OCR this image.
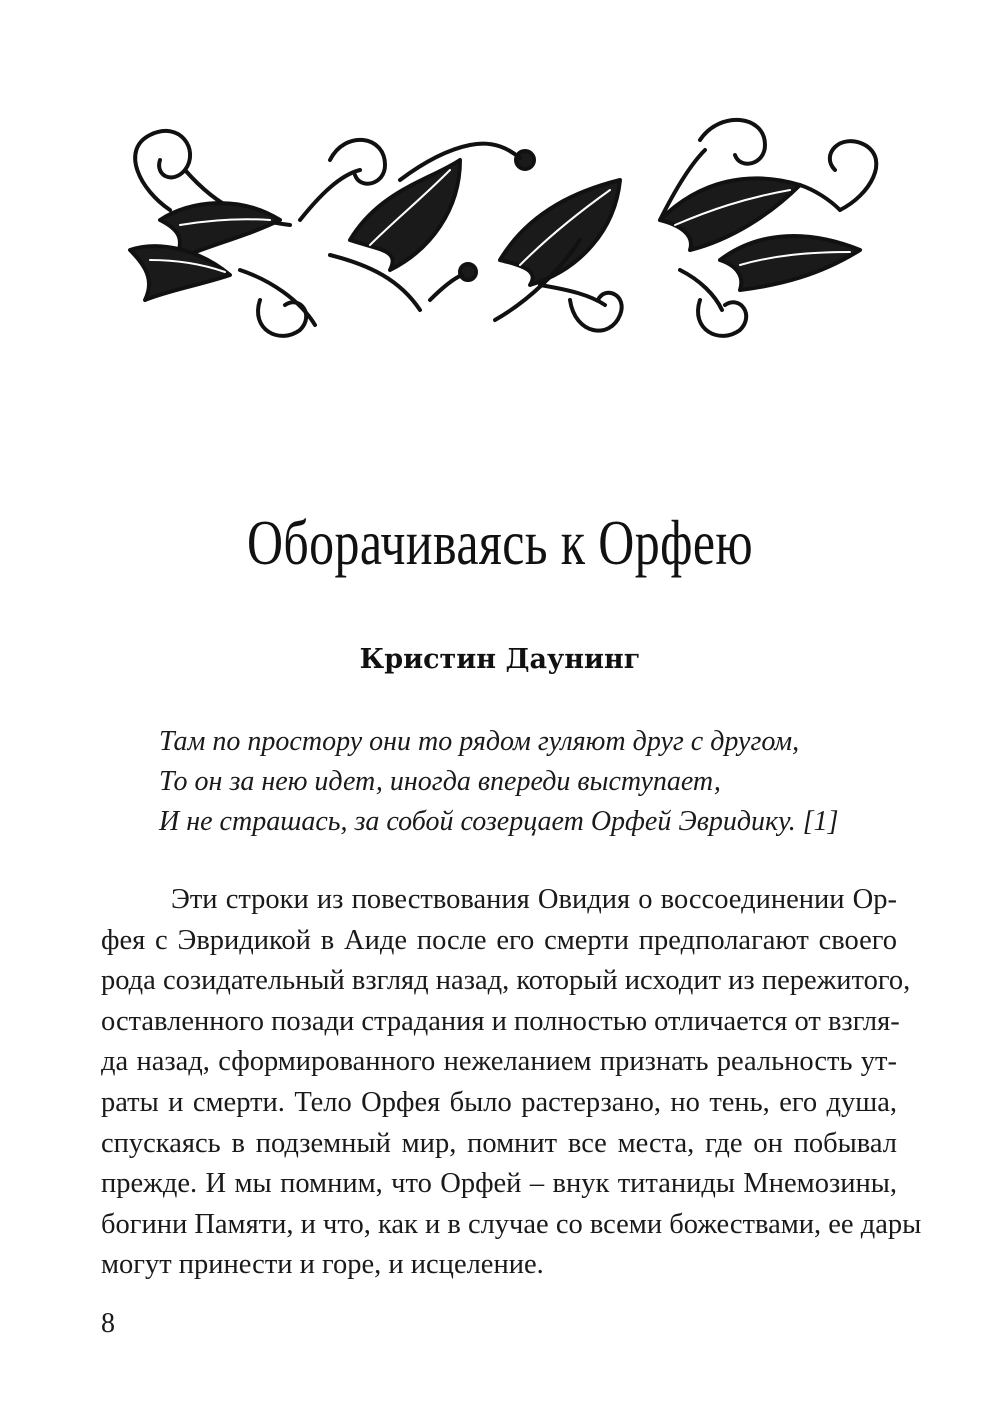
Оборачиваясь к Орфею
Кристин Даунинг
Там по простору они то рядом гуляют друг с другом,
То он за нею идет, иногда впереди выступает,
И не страшась, за собой созерцает Орфей Эвридику. [1]
Эти строки из повествования Овидия о воссоединении Ор-
фея с Эвридикой в Аиде после его смерти предполагают своего
рода созидательный взгляд назад, который исходит из пережитого,
оставленного позади страдания и полностью отличается от взгля-
да назад, сформированного нежеланием признать реальность ут-
раты и смерти. Тело Орфея было растерзано, но тень, его душа,
спускаясь в подземный мир, помнит все места, где он побывал
прежде. И мы помним, что Орфей – внук титаниды Мнемозины,
богини Памяти, и что, как и в случае со всеми божествами, ее дары
могут принести и горе, и исцеление.
8
